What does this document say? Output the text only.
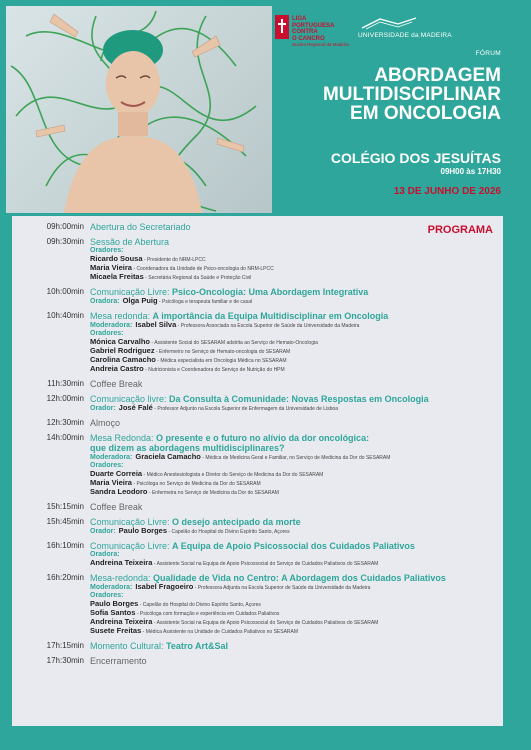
LIGA
PORTUGUESA
CONTRA
O CANCRO
Núcleo Regional da Madeira
UNIVERSIDADE da MADEIRA
FÓRUM
ABORDAGEM
MULTIDISCIPLINAR
EM ONCOLOGIA
COLÉGIO DOS JESUÍTAS
09H00 às 17H30
13 DE JUNHO DE 2026
PROGRAMA
09h:00min Abertura do Secretariado
09h:30min Sessão de Abertura
Oradores:
Ricardo Sousa - Presidente do NRM-LPCC
Maria Vieira - Coordenadora da Unidade de Psico-oncologia do NRM-LPCC
Micaela Freitas - Secretária Regional da Saúde e Proteção Civil
10h:00min Comunicação Livre: Psico-Oncologia: Uma Abordagem Integrativa
Oradora: Olga Puig - Psicóloga e terapeuta familiar e de casal
10h:40min Mesa redonda: A importância da Equipa Multidisciplinar em Oncologia
Moderadora: Isabel Silva - Professora Associada na Escola Superior de Saúde da Universidade da Madeira
Oradores:
Mónica Carvalho - Assistente Social do SESARAM adstrita ao Serviço de Hemato-Oncologia
Gabriel Rodriguez - Enfermeiro no Serviço de Hemato-oncologia do SESARAM
Carolina Camacho - Médica especialista em Oncologia Médica no SESARAM
Andreia Castro - Nutricionista e Coordenadora do Serviço de Nutrição do HPM
11h:30min Coffee Break
12h:00min Comunicação livre: Da Consulta à Comunidade: Novas Respostas em Oncologia
Orador: José Falé - Professor Adjunto na Escola Superior de Enfermagem da Universidade de Lisboa
12h:30min Almoço
14h:00min Mesa Redonda: O presente e o futuro no alívio da dor oncológica:
que dizem as abordagens multidisciplinares?
Moderadora: Graciela Camacho - Médica de Medicina Geral e Familiar, no Serviço de Medicina da Dor do SESARAM
Oradores:
Duarte Correia - Médico Anestesiologista e Diretor do Serviço de Medicina da Dor do SESARAM
Maria Vieira - Psicóloga no Serviço de Medicina da Dor do SESARAM
Sandra Leodoro - Enfermeira no Serviço de Medicina da Dor do SESARAM
15h:15min Coffee Break
15h:45min Comunicação Livre: O desejo antecipado da morte
Orador: Paulo Borges - Capelão do Hospital do Divino Espírito Santo, Açores
16h:10min Comunicação Livre: A Equipa de Apoio Psicossocial dos Cuidados Paliativos
Oradora:
Andreina Teixeira - Assistente Social na Equipa de Apoio Psicossocial do Serviço de Cuidados Paliativos do SESARAM
16h:20min Mesa-redonda: Qualidade de Vida no Centro: A Abordagem dos Cuidados Paliativos
Moderadora: Isabel Fragoeiro - Professora Adjunta na Escola Superior de Saúde da Universidade da Madeira
Oradores:
Paulo Borges - Capelão do Hospital do Divino Espírito Santo, Açores
Sofia Santos - Psicóloga com formação e experiência em Cuidados Paliativos
Andreina Teixeira - Assistente Social na Equipa de Apoio Psicossocial do Serviço de Cuidados Paliativos do SESARAM
Susete Freitas - Médica Assistente na Unidade de Cuidados Paliativos no SESARAM
17h:15min Momento Cultural: Teatro Art&Sal
17h:30min Encerramento
